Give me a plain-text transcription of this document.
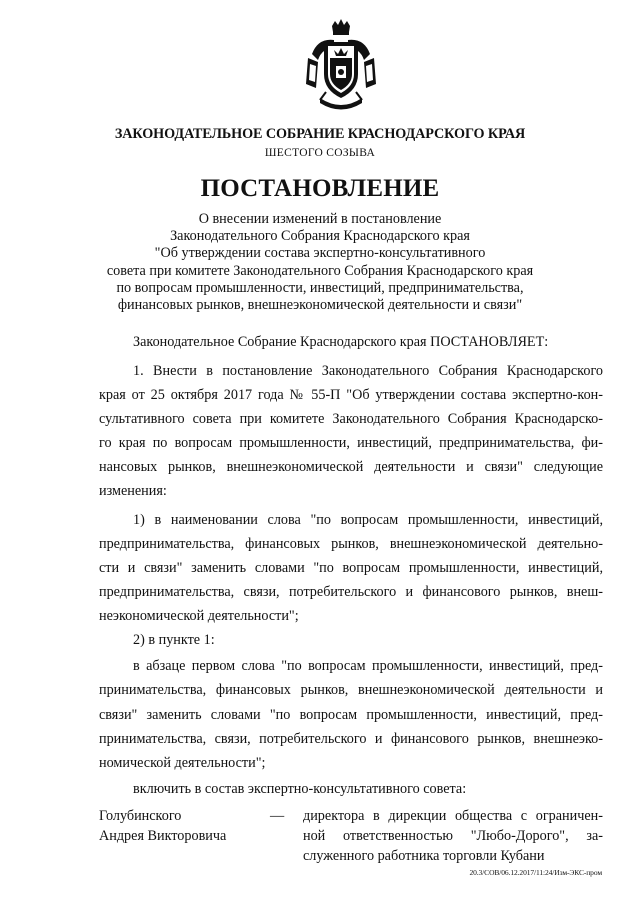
ЗАКОНОДАТЕЛЬНОЕ СОБРАНИЕ КРАСНОДАРСКОГО КРАЯ
ШЕСТОГО СОЗЫВА
ПОСТАНОВЛЕНИЕ
О внесении изменений в постановление
Законодательного Собрания Краснодарского края
"Об утверждении состава экспертно-консультативного
совета при комитете Законодательного Собрания Краснодарского края
по вопросам промышленности, инвестиций, предпринимательства,
финансовых рынков, внешнеэкономической деятельности и связи"
Законодательное Собрание Краснодарского края ПОСТАНОВЛЯЕТ:
1. Внести в постановление Законодательного Собрания Краснодарского
края от 25 октября 2017 года № 55-П "Об утверждении состава экспертно-кон-
сультативного совета при комитете Законодательного Собрания Краснодарско-
го края по вопросам промышленности, инвестиций, предпринимательства, фи-
нансовых рынков, внешнеэкономической деятельности и связи" следующие
изменения:
1) в наименовании слова "по вопросам промышленности, инвестиций,
предпринимательства, финансовых рынков, внешнеэкономической деятельно-
сти и связи" заменить словами "по вопросам промышленности, инвестиций,
предпринимательства, связи, потребительского и финансового рынков, внеш-
неэкономической деятельности";
2) в пункте 1:
в абзаце первом слова "по вопросам промышленности, инвестиций, пред-
принимательства, финансовых рынков, внешнеэкономической деятельности и
связи" заменить словами "по вопросам промышленности, инвестиций, пред-
принимательства, связи, потребительского и финансового рынков, внешнеэко-
номической деятельности";
включить в состав экспертно-консультативного совета:
Голубинского
Андрея Викторовича
— директора в дирекции общества с ограничен-
ной ответственностью "Любо-Дорого", за-
служенного работника торговли Кубани
20.3/СОВ/06.12.2017/11:24/Изм-ЭКС-пром
